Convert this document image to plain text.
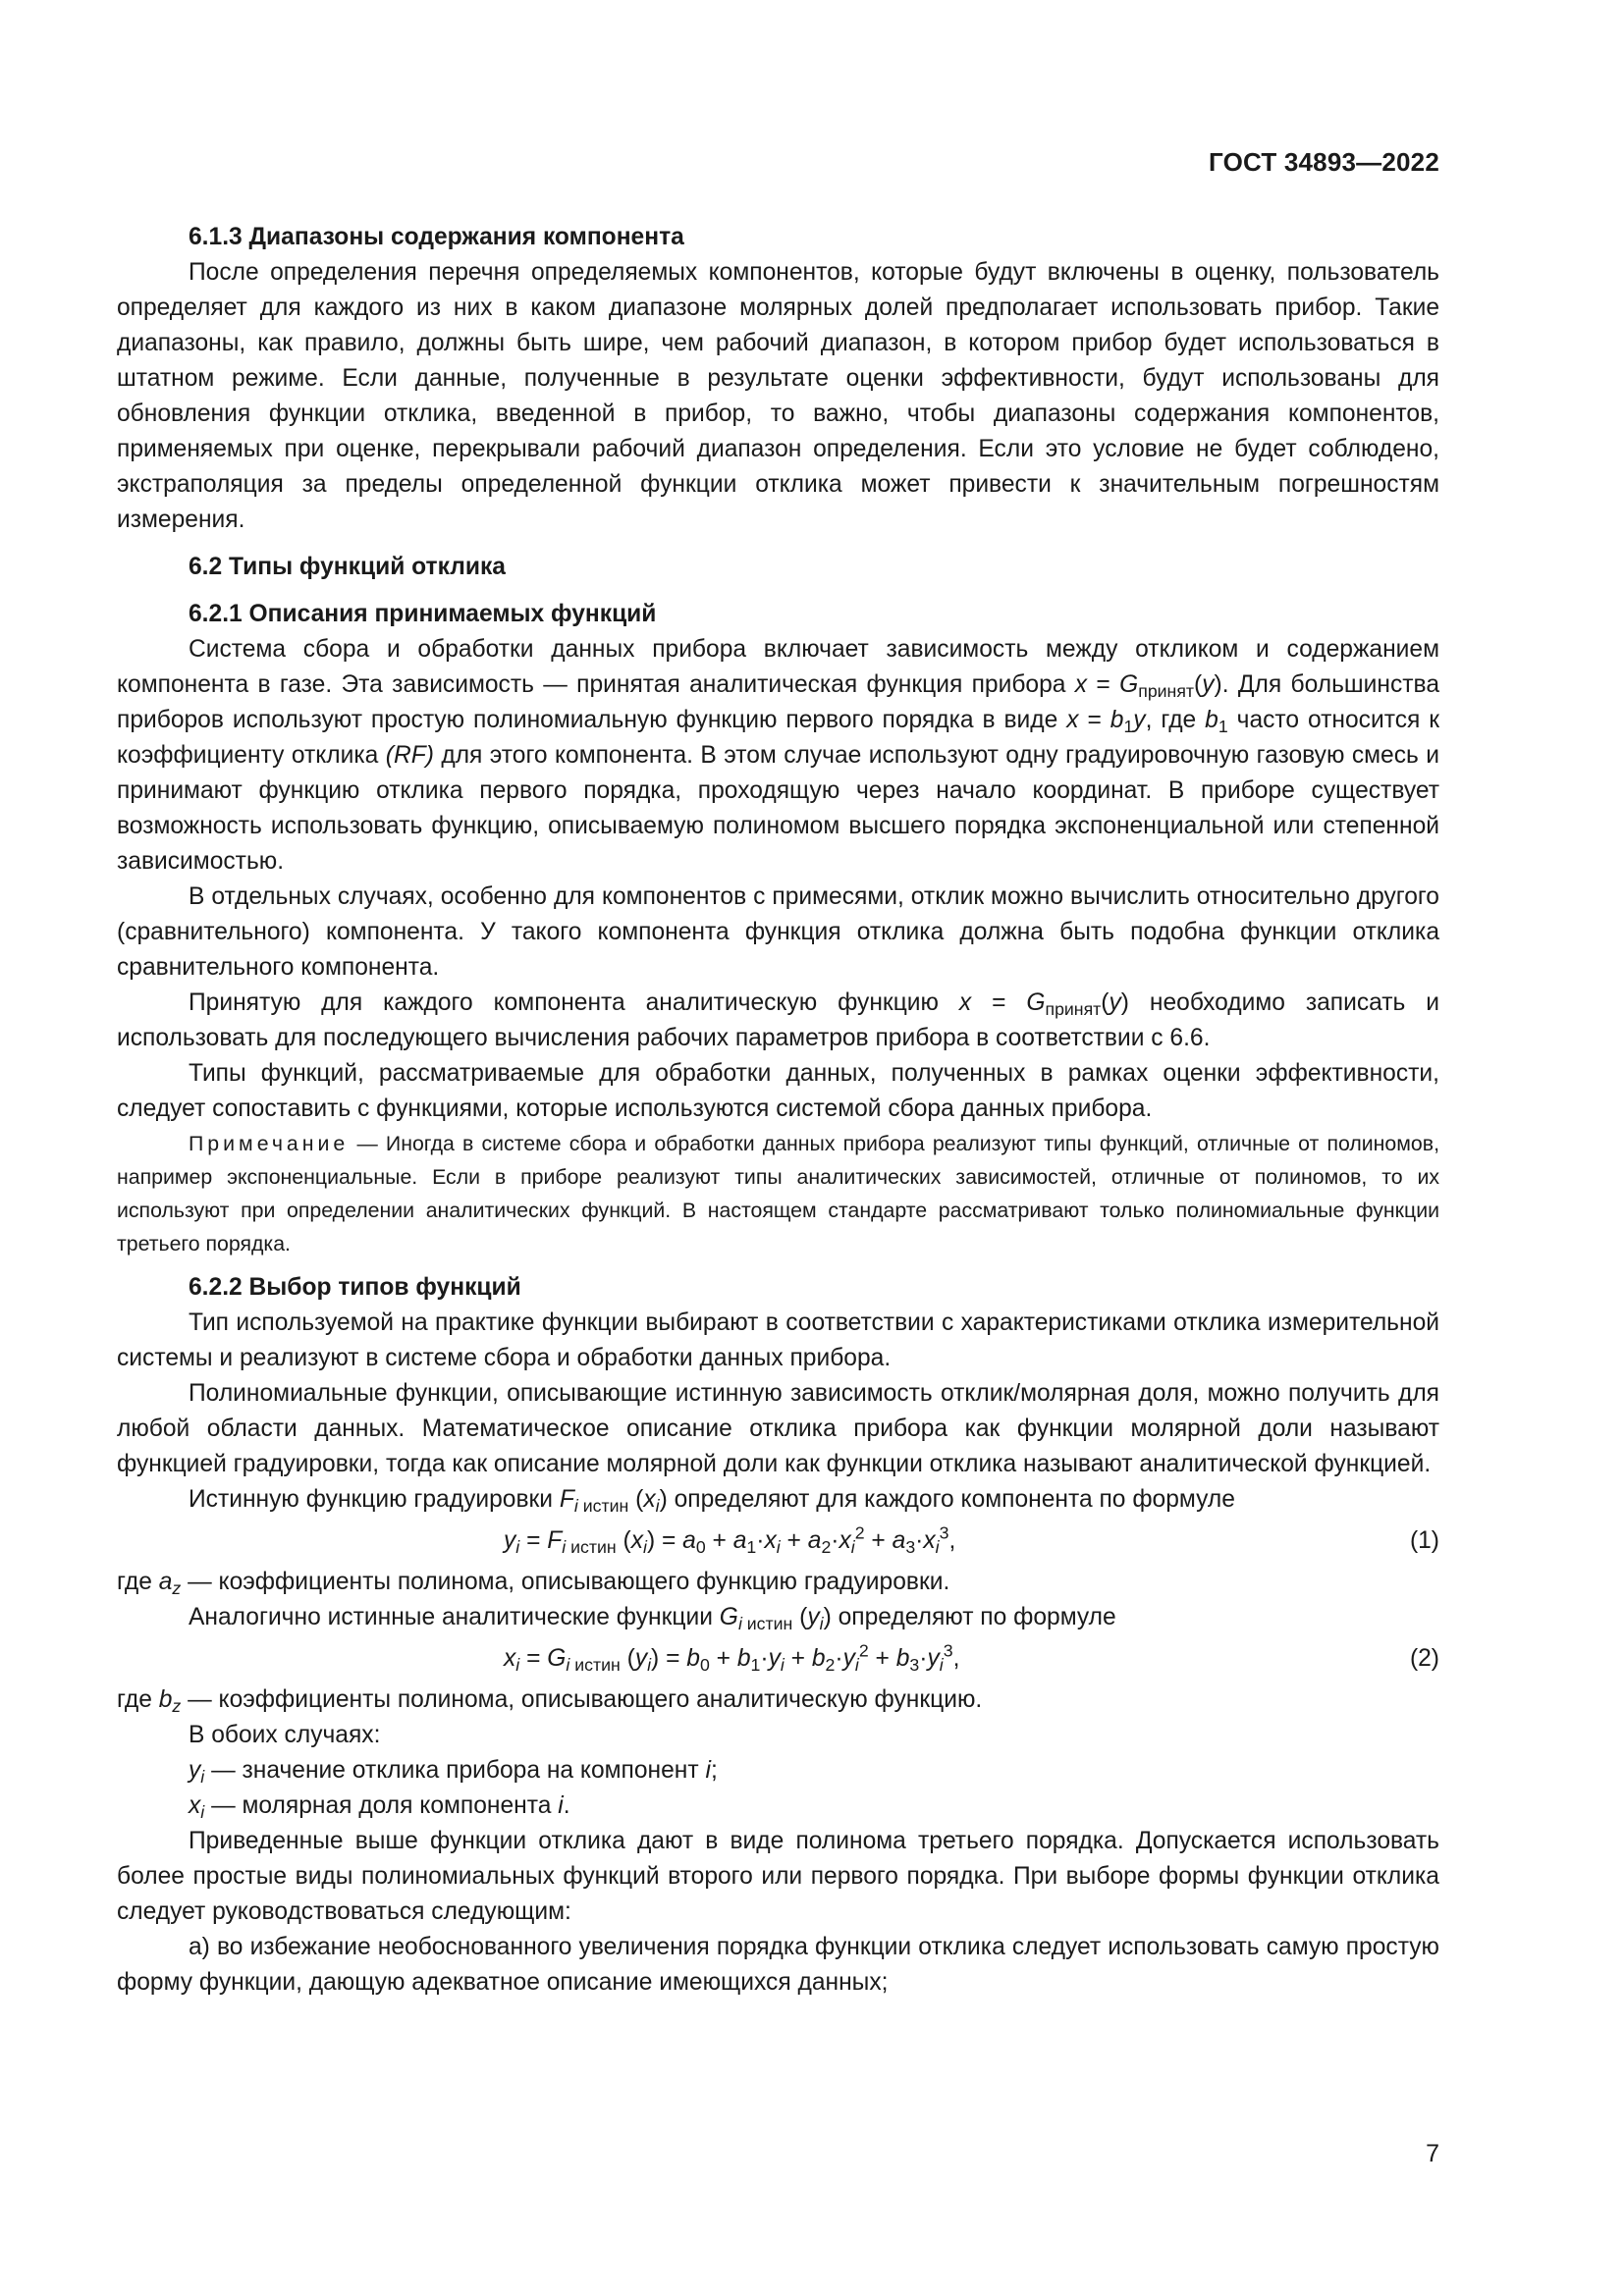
ГОСТ 34893—2022

6.1.3 Диапазоны содержания компонента

После определения перечня определяемых компонентов, которые будут включены в оценку, пользователь определяет для каждого из них в каком диапазоне молярных долей предполагает использовать прибор. Такие диапазоны, как правило, должны быть шире, чем рабочий диапазон, в котором прибор будет использоваться в штатном режиме. Если данные, полученные в результате оценки эффективности, будут использованы для обновления функции отклика, введенной в прибор, то важно, чтобы диапазоны содержания компонентов, применяемых при оценке, перекрывали рабочий диапазон определения. Если это условие не будет соблюдено, экстраполяция за пределы определенной функции отклика может привести к значительным погрешностям измерения.

6.2 Типы функций отклика

6.2.1 Описания принимаемых функций

Система сбора и обработки данных прибора включает зависимость между откликом и содержанием компонента в газе. Эта зависимость — принятая аналитическая функция прибора $x = G_{принят}(y)$. Для большинства приборов используют простую полиномиальную функцию первого порядка в виде $x = b_1y$, где $b_1$ часто относится к коэффициенту отклика (RF) для этого компонента. В этом случае используют одну градуировочную газовую смесь и принимают функцию отклика первого порядка, проходящую через начало координат. В приборе существует возможность использовать функцию, описываемую полиномом высшего порядка экспоненциальной или степенной зависимостью.

В отдельных случаях, особенно для компонентов с примесями, отклик можно вычислить относительно другого (сравнительного) компонента. У такого компонента функция отклика должна быть подобна функции отклика сравнительного компонента.

Принятую для каждого компонента аналитическую функцию $x = G_{принят}(y)$ необходимо записать и использовать для последующего вычисления рабочих параметров прибора в соответствии с 6.6.

Типы функций, рассматриваемые для обработки данных, полученных в рамках оценки эффективности, следует сопоставить с функциями, которые используются системой сбора данных прибора.

Примечание — Иногда в системе сбора и обработки данных прибора реализуют типы функций, отличные от полиномов, например экспоненциальные. Если в приборе реализуют типы аналитических зависимостей, отличные от полиномов, то их используют при определении аналитических функций. В настоящем стандарте рассматривают только полиномиальные функции третьего порядка.

6.2.2 Выбор типов функций

Тип используемой на практике функции выбирают в соответствии с характеристиками отклика измерительной системы и реализуют в системе сбора и обработки данных прибора.

Полиномиальные функции, описывающие истинную зависимость отклик/молярная доля, можно получить для любой области данных. Математическое описание отклика прибора как функции молярной доли называют функцией градуировки, тогда как описание молярной доли как функции отклика называют аналитической функцией.

Истинную функцию градуировки $F_i$ $_{истин}$ $(x_i)$ определяют для каждого компонента по формуле

$y_i = F_i$ $_{истин}$ $(x_i) = a_0 + a_1\cdot x_i + a_2\cdot x_i^2 + a_3\cdot x_i^3$,	(1)

где $a_z$ — коэффициенты полинома, описывающего функцию градуировки.

Аналогично истинные аналитические функции $G_i$ $_{истин}$ $(y_i)$ определяют по формуле

$x_i = G_i$ $_{истин}$ $(y_i) = b_0 + b_1\cdot y_i + b_2\cdot y_i^2 + b_3\cdot y_i^3$,	(2)

где $b_z$ — коэффициенты полинома, описывающего аналитическую функцию.

В обоих случаях:

$y_i$ — значение отклика прибора на компонент i;

$x_i$ — молярная доля компонента i.

Приведенные выше функции отклика дают в виде полинома третьего порядка. Допускается использовать более простые виды полиномиальных функций второго или первого порядка. При выборе формы функции отклика следует руководствоваться следующим:

а) во избежание необоснованного увеличения порядка функции отклика следует использовать самую простую форму функции, дающую адекватное описание имеющихся данных;

7
